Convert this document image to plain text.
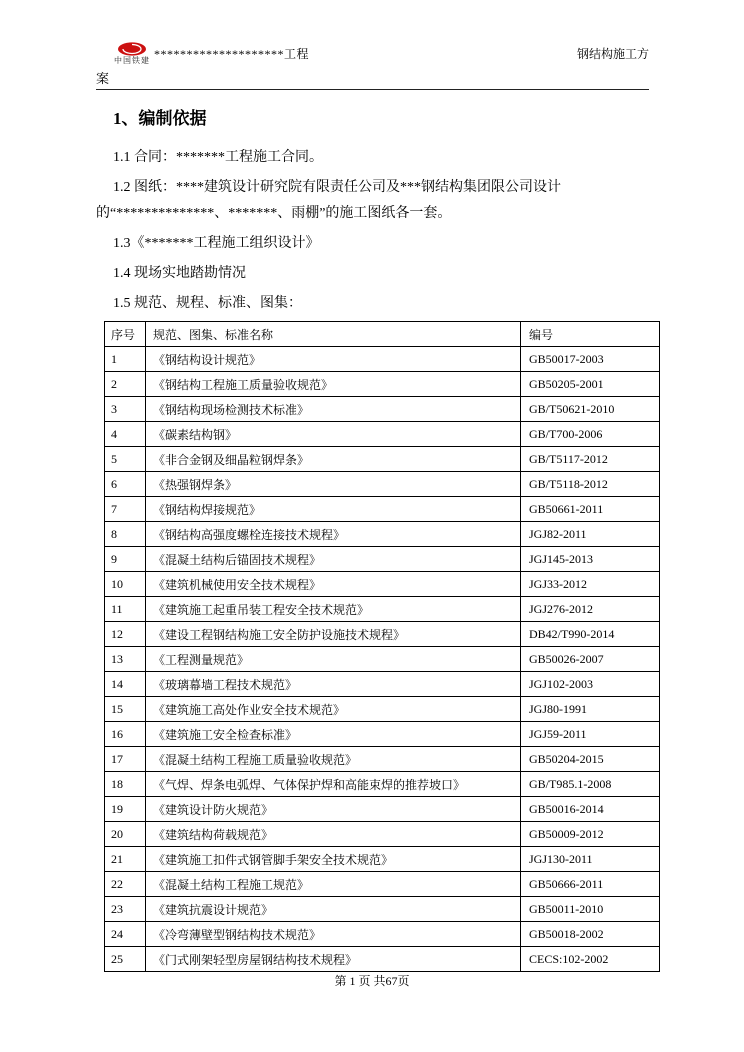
中国铁建 ********************工程	钢结构施工方
案
1、编制依据

1.1 合同：*******工程施工合同。

1.2 图纸：****建筑设计研究院有限责任公司及***钢结构集团限公司设计的“**************、*******、雨棚”的施工图纸各一套。

1.3《*******工程施工组织设计》

1.4 现场实地踏勘情况

1.5 规范、规程、标准、图集：

序号	规范、图集、标准名称	编号
1	《钢结构设计规范》	GB50017-2003
2	《钢结构工程施工质量验收规范》	GB50205-2001
3	《钢结构现场检测技术标准》	GB/T50621-2010
4	《碳素结构钢》	GB/T700-2006
5	《非合金钢及细晶粒钢焊条》	GB/T5117-2012
6	《热强钢焊条》	GB/T5118-2012
7	《钢结构焊接规范》	GB50661-2011
8	《钢结构高强度螺栓连接技术规程》	JGJ82-2011
9	《混凝土结构后锚固技术规程》	JGJ145-2013
10	《建筑机械使用安全技术规程》	JGJ33-2012
11	《建筑施工起重吊装工程安全技术规范》	JGJ276-2012
12	《建设工程钢结构施工安全防护设施技术规程》	DB42/T990-2014
13	《工程测量规范》	GB50026-2007
14	《玻璃幕墙工程技术规范》	JGJ102-2003
15	《建筑施工高处作业安全技术规范》	JGJ80-1991
16	《建筑施工安全检查标准》	JGJ59-2011
17	《混凝土结构工程施工质量验收规范》	GB50204-2015
18	《气焊、焊条电弧焊、气体保护焊和高能束焊的推荐坡口》	GB/T985.1-2008
19	《建筑设计防火规范》	GB50016-2014
20	《建筑结构荷载规范》	GB50009-2012
21	《建筑施工扣件式钢管脚手架安全技术规范》	JGJ130-2011
22	《混凝土结构工程施工规范》	GB50666-2011
23	《建筑抗震设计规范》	GB50011-2010
24	《冷弯薄壁型钢结构技术规范》	GB50018-2002
25	《门式刚架轻型房屋钢结构技术规程》	CECS:102-2002
第 1 页 共67页
